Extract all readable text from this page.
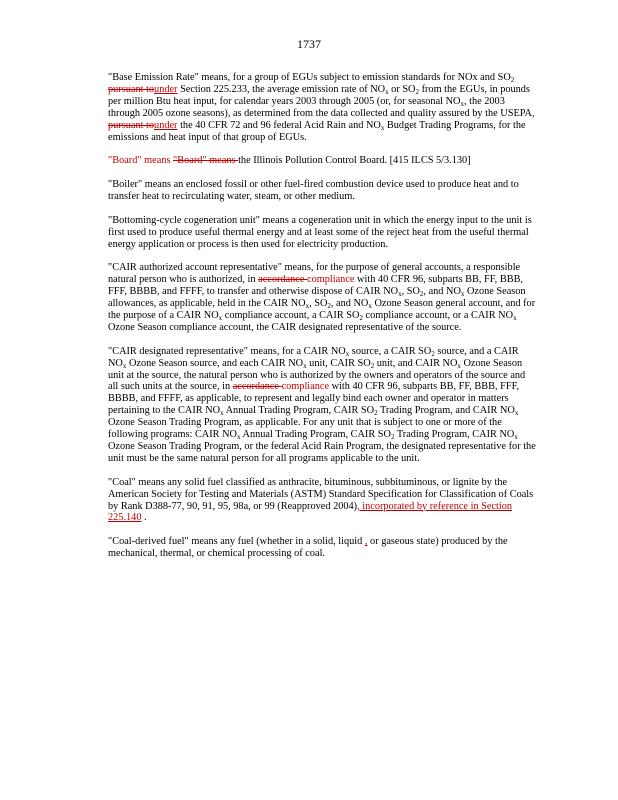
1737

"Base Emission Rate" means, for a group of EGUs subject to emission standards for NOx and $SO_2$ pursuant tounder Section 225.233, the average emission rate of $NO_x$ or $SO_2$ from the EGUs, in pounds per million Btu heat input, for calendar years 2003 through 2005 (or, for seasonal $NO_x$, the 2003 through 2005 ozone seasons), as determined from the data collected and quality assured by the USEPA, pursuant tounder the 40 CFR 72 and 96 federal Acid Rain and $NO_x$ Budget Trading Programs, for the emissions and heat input of that group of EGUs.

"Board" means "Board" means the Illinois Pollution Control Board. [415 ILCS 5/3.130]

"Boiler" means an enclosed fossil or other fuel-fired combustion device used to produce heat and to transfer heat to recirculating water, steam, or other medium.

"Bottoming-cycle cogeneration unit" means a cogeneration unit in which the energy input to the unit is first used to produce useful thermal energy and at least some of the reject heat from the useful thermal energy application or process is then used for electricity production.

"CAIR authorized account representative" means, for the purpose of general accounts, a responsible natural person who is authorized, in accordance compliance with 40 CFR 96, subparts BB, FF, BBB, FFF, BBBB, and FFFF, to transfer and otherwise dispose of CAIR $NO_x$, $SO_2$, and $NO_x$ Ozone Season allowances, as applicable, held in the CAIR $NO_x$, $SO_2$, and $NO_x$ Ozone Season general account, and for the purpose of a CAIR $NO_x$ compliance account, a CAIR $SO_2$ compliance account, or a CAIR $NO_x$ Ozone Season compliance account, the CAIR designated representative of the source.

"CAIR designated representative" means, for a CAIR $NO_x$ source, a CAIR $SO_2$ source, and a CAIR $NO_x$ Ozone Season source, and each CAIR $NO_x$ unit, CAIR $SO_2$ unit, and CAIR $NO_x$ Ozone Season unit at the source, the natural person who is authorized by the owners and operators of the source and all such units at the source, in accordance compliance with 40 CFR 96, subparts BB, FF, BBB, FFF, BBBB, and FFFF, as applicable, to represent and legally bind each owner and operator in matters pertaining to the CAIR $NO_x$ Annual Trading Program, CAIR $SO_2$ Trading Program, and CAIR $NO_x$ Ozone Season Trading Program, as applicable. For any unit that is subject to one or more of the following programs: CAIR $NO_x$ Annual Trading Program, CAIR $SO_2$ Trading Program, CAIR $NO_x$ Ozone Season Trading Program, or the federal Acid Rain Program, the designated representative for the unit must be the same natural person for all programs applicable to the unit.

"Coal" means any solid fuel classified as anthracite, bituminous, subbituminous, or lignite by the American Society for Testing and Materials (ASTM) Standard Specification for Classification of Coals by Rank D388-77, 90, 91, 95, 98a, or 99 (Reapproved 2004), incorporated by reference in Section 225.140 .

"Coal-derived fuel" means any fuel (whether in a solid, liquid , or gaseous state) produced by the mechanical, thermal, or chemical processing of coal.
